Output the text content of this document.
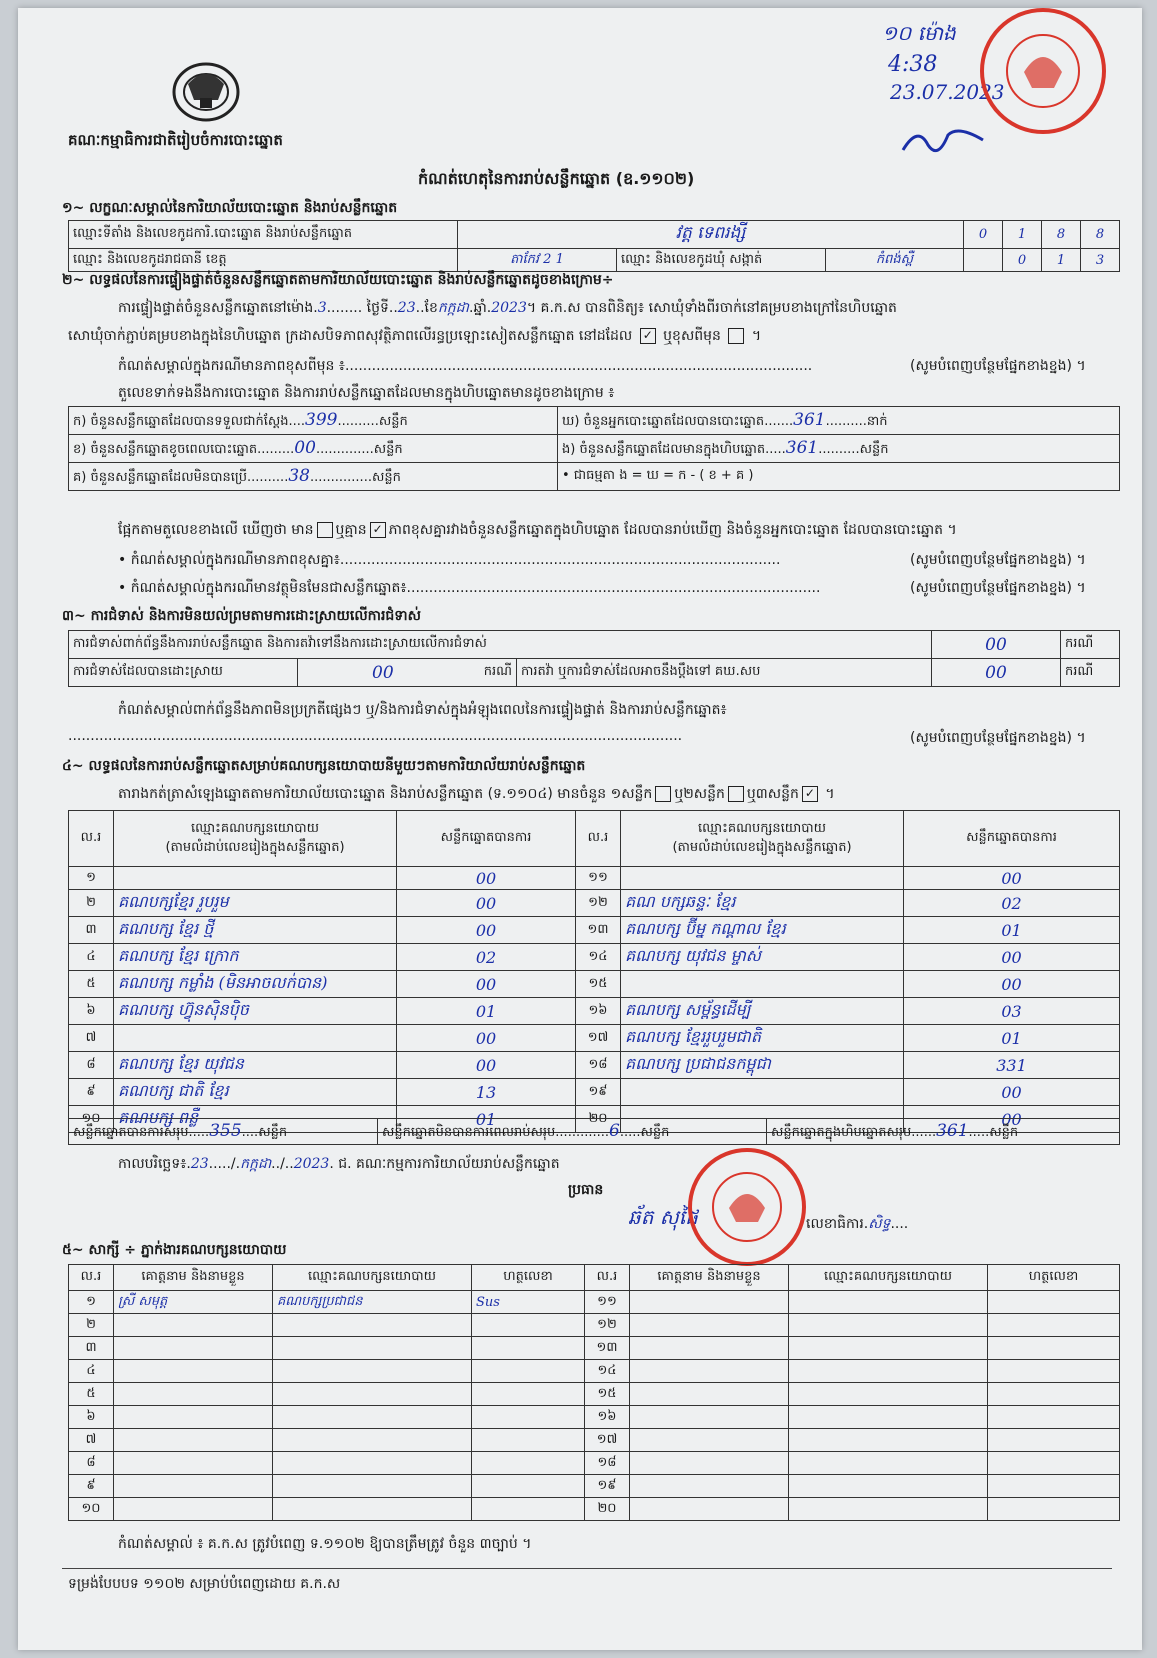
គណៈកម្មាធិការជាតិរៀបចំការបោះឆ្នោត
១០ ម៉ោង
4:38
23.07.2023
កំណត់ហេតុនៃការរាប់សន្លឹកឆ្នោត (ឧ.១១០២)
១~ លក្ខណៈសម្គាល់នៃការិយាល័យបោះឆ្នោត និងរាប់សន្លឹកឆ្នោត
ឈ្មោះទីតាំង និងលេខកូដការិ.បោះឆ្នោត និងរាប់សន្លឹកឆ្នោត	វត្ត ទេពរង្សី			0	1	8	8
ឈ្មោះ និងលេខកូដរាជធានី ខេត្ត	តាកែវ 2 1	ឈ្មោះ និងលេខកូដឃុំ សង្កាត់	កំពង់ស្ពឺ		0	1	3
២~ លទ្ធផលនៃការផ្ទៀងផ្ទាត់ចំនួនសន្លឹកឆ្នោតតាមការិយាល័យបោះឆ្នោត និងរាប់សន្លឹកឆ្នោតដូចខាងក្រោម÷
ការផ្ទៀងផ្ទាត់ចំនួនសន្លឹកឆ្នោតនៅម៉ោង.3........ ថ្ងៃទី..23..ខែកក្កដា.ឆ្នាំ.2023។ គ.ក.ស បានពិនិត្យ៖ សោឃុំទាំងពីរចាក់នៅគម្របខាងក្រៅនៃហិបឆ្នោត
សោឃុំចាក់ភ្ជាប់គម្របខាងក្នុងនៃហិបឆ្នោត ក្រដាសបិទភាពសុវត្ថិភាពលើរន្ធប្រឡោះសៀតសន្លឹកឆ្នោត នៅដដែល ✓ ឬខុសពីមុន  ។
កំណត់សម្គាល់ក្នុងករណីមានភាពខុសពីមុន ៖.........................................................................................................	(សូមបំពេញបន្ថែមផ្នែកខាងខ្នង) ។
តួលេខទាក់ទងនឹងការបោះឆ្នោត និងការរាប់សន្លឹកឆ្នោតដែលមានក្នុងហិបឆ្នោតមានដូចខាងក្រោម ៖
ក) ចំនួនសន្លឹកឆ្នោតដែលបានទទួលជាក់ស្តែង....399..........សន្លឹក	ឃ) ចំនួនអ្នកបោះឆ្នោតដែលបានបោះឆ្នោត.......361..........នាក់
ខ) ចំនួនសន្លឹកឆ្នោតខូចពេលបោះឆ្នោត.........00..............សន្លឹក	ង) ចំនួនសន្លឹកឆ្នោតដែលមានក្នុងហិបឆ្នោត.....361..........សន្លឹក
គ) ចំនួនសន្លឹកឆ្នោតដែលមិនបានប្រើ..........38...............សន្លឹក	• ជាធម្មតា ង = ឃ = ក - ( ខ + គ )
ផ្អែកតាមតួលេខខាងលើ ឃើញថា មាន ឬគ្មាន ✓ ភាពខុសគ្នារវាងចំនួនសន្លឹកឆ្នោតក្នុងហិបឆ្នោត ដែលបានរាប់ឃើញ និងចំនួនអ្នកបោះឆ្នោត ដែលបានបោះឆ្នោត ។
• កំណត់សម្គាល់ក្នុងករណីមានភាពខុសគ្នា៖...................................................................................................	(សូមបំពេញបន្ថែមផ្នែកខាងខ្នង) ។
• កំណត់សម្គាល់ក្នុងករណីមានវត្ថុមិនមែនជាសន្លឹកឆ្នោត៖.............................................................................................	(សូមបំពេញបន្ថែមផ្នែកខាងខ្នង) ។
៣~ ការជំទាស់ និងការមិនយល់ព្រមតាមការដោះស្រាយលើការជំទាស់
ការជំទាស់ពាក់ព័ន្ធនឹងការរាប់សន្លឹកឆ្នោត និងការតវ៉ាទៅនឹងការដោះស្រាយលើការជំទាស់			00	ករណី
ការជំទាស់ដែលបានដោះស្រាយ	00 ករណី	ការតវ៉ា ឬការជំទាស់ដែលអាចនឹងប្តឹងទៅ គឃ.សប	00	ករណី
កំណត់សម្គាល់ពាក់ព័ន្ធនឹងភាពមិនប្រក្រតីផ្សេងៗ ឬ/និងការជំទាស់ក្នុងអំឡុងពេលនៃការផ្ទៀងផ្ទាត់ និងការរាប់សន្លឹកឆ្នោត៖
..........................................................................................................................................	(សូមបំពេញបន្ថែមផ្នែកខាងខ្នង) ។
៤~ លទ្ធផលនៃការរាប់សន្លឹកឆ្នោតសម្រាប់គណបក្សនយោបាយនីមួយៗតាមការិយាល័យរាប់សន្លឹកឆ្នោត
តារាងកត់ត្រាសំឡេងឆ្នោតតាមការិយាល័យបោះឆ្នោត និងរាប់សន្លឹកឆ្នោត (ទ.១១០៤) មានចំនួន ១សន្លឹក ឬ២សន្លឹក ឬ៣សន្លឹក ✓ ។
ល.រ	ឈ្មោះគណបក្សនយោបាយ
(តាមលំដាប់លេខរៀងក្នុងសន្លឹកឆ្នោត)	សន្លឹកឆ្នោតបានការ	ល.រ	ឈ្មោះគណបក្សនយោបាយ
(តាមលំដាប់លេខរៀងក្នុងសន្លឹកឆ្នោត)	សន្លឹកឆ្នោតបានការ
១		00	១១		00
២	គណបក្សខ្មែរ រួបរួម	00	១២	គណ បក្សឆន្ទៈ ខ្មែរ	02
៣	គណបក្ស ខ្មែរ ថ្មី	00	១៣	គណបក្ស ប៊ីម្ន កណ្តាល ខ្មែរ	01
៤	គណបក្ស ខ្មែរ ក្រោក	02	១៤	គណបក្ស យុវជន ម្ចាស់	00
៥	គណបក្ស កម្លាំង (មិនអាចលក់បាន)	00	១៥		00
៦	គណបក្ស ហ៊្វុនស៊ិនប៉ិច	01	១៦	គណបក្ស សម្ព័ន្ធដើម្បី	03
៧		00	១៧	គណបក្ស ខ្មែររួបរួមជាតិ	01
៨	គណបក្ស ខ្មែរ យុវជន	00	១៨	គណបក្ស ប្រជាជនកម្ពុជា	331
៩	គណបក្ស ជាតិ ខ្មែរ	13	១៩		00
១០	គណបក្ស ពន្លឺ	01	២០		00
សន្លឹកឆ្នោតបានការសរុប.....355....សន្លឹក	សន្លឹកឆ្នោតមិនបានការពេលរាប់សរុប.............6.....សន្លឹក	សន្លឹកឆ្នោតក្នុងហិបឆ្នោតសរុប......361.....សន្លឹក
កាលបរិច្ឆេទ៖.23...../.កក្កដា../..2023. ជ. គណៈកម្មការការិយាល័យរាប់សន្លឹកឆ្នោត
ប្រធាន
ឆ័ត សុផៃ	លេខាធិការ.សិទ្ធ....
៥~ សាក្សី ÷ ភ្នាក់ងារគណបក្សនយោបាយ
ល.រ	គោត្តនាម និងនាមខ្លួន	ឈ្មោះគណបក្សនយោបាយ	ហត្ថលេខា	ល.រ	គោត្តនាម និងនាមខ្លួន	ឈ្មោះគណបក្សនយោបាយ	ហត្ថលេខា
១	ស្រី សមុត្ត	គណបក្សប្រជាជន	Sus	១១			
២				១២			
៣				១៣			
៤				១៤			
៥				១៥			
៦				១៦			
៧				១៧			
៨				១៨			
៩				១៩			
១០				២០			
កំណត់សម្គាល់ ៖ គ.ក.ស ត្រូវបំពេញ ទ.១១០២ ឱ្យបានត្រឹមត្រូវ ចំនួន ៣ច្បាប់ ។
ទម្រង់បែបបទ ១១០២ សម្រាប់បំពេញដោយ គ.ក.ស
